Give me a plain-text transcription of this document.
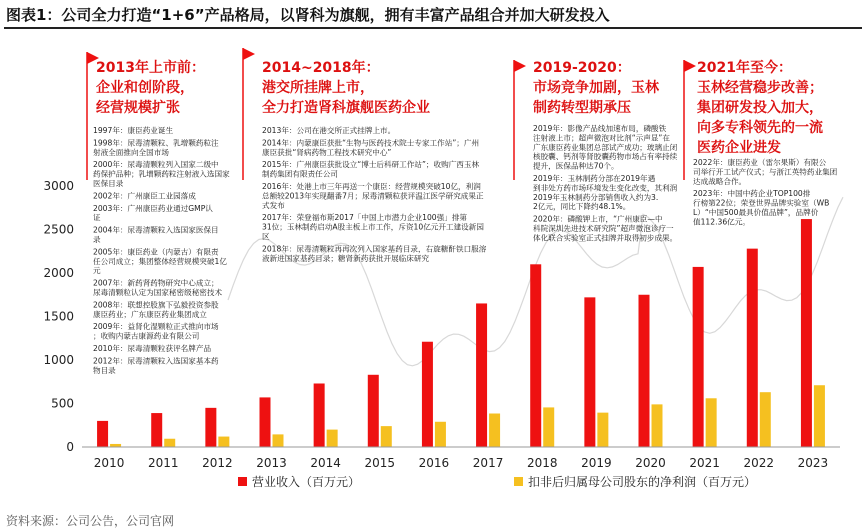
图表1：公司全力打造“1+6”产品格局，以肾科为旗舰，拥有丰富产品组合并加大研发投入
0
500
1000
1500
2000
2500
3000
2010 2011 2012 2013 2014 2015 2016 2017 2018 2019 2020 2021 2022 2023
营业收入（百万元）	扣非后归属母公司股东的净利润（百万元）
2013年上市前：
企业和创阶段，
经营规模扩张
1997年：康臣药业诞生
1998年：尿毒清颗粒、乳增颗药粒注
射液全面推向全国市场
2000年：尿毒清颗粒列入国家二级中
药保护品种；乳增颗药粒注射液入选国家
医保目录
2002年：广州康臣工业园落成
2003年：广州康臣药业通过GMP认
证
2004年：尿毒清颗粒入选国家医保目
录
2005年：康臣药业（内蒙古）有限责
任公司成立；集团整体经营规模突破1亿
元
2007年：新药肾药物研究中心成立；
尿毒清颗粒认定为国家秘密级秘密技术
2008年：联想控股旗下弘毅投资参股
康臣药业；广东康臣药业集团成立
2009年：益肾化湿颗粒正式推向市场
；收购内蒙古康源药业有限公司
2010年：尿毒清颗粒获评名牌产品
2012年：尿毒清颗粒入选国家基本药
物目录
2014~2018年：
港交所挂牌上市，
全力打造肾科旗舰医药企业
2013年：公司在港交所正式挂牌上市。
2014年：内蒙康臣获批“生物与医药技术院士专家工作站”；广州
康臣获批“肾病药物工程技术研究中心”
2015年：广州康臣获批设立“博士后科研工作站”；收购广西玉林
制药集团有限责任公司
2016年：处港上市三年再送一个康臣：经营规模突破10亿，利润
总额较2013年实现翻番7月；尿毒清颗粒获评温江医学研究成果正
式发布
2017年：荣登福布斯2017「中国上市潜力企业100强」排第
31位；玉林制药启动A股主板上市工作，斥资10亿元开工建设新园
区
2018年：尿毒清颗粒再再次列入国家基药目录，右旋糖酐铁口服溶
液新进国家基药目录；糖肾新药获批开展临床研究
2019-2020：
市场竞争加剧，玉林
制药转型期承压
2019年：影像产品线加速布局，磷酸铁
注射液上市；超声微泡对比剂“示声显”在
广东康臣药业集团总部试产成功；玻璃止闭
核胶囊、钙剂等肾胶囊药物市场占有率持续
提升，医保品种达70个。
2019年：玉林制药分部在2019年遇
到非处方药市场环境发生变化改变，其利润
2019年玉林制药分部销售收入约为3.
2亿元，同比下降约48.1%。
2020年：磷酸钾上市，“广州康臣—中
科院深圳先进技术研究院”超声微泡诊疗一
体化联合实验室正式挂牌并取得初步成果。
2021年至今：
玉林经营稳步改善；
集团研发投入加大，
向多专科领先的一流
医药企业进发
2022年：康臣药业（雷尔果斯）有限公
司举行开工试产仪式；与浙江英特药业集团
达成战略合作。
2023年：中国中药企业TOP100排
行榜第22位；荣登世界品牌实验室（WB
L）“中国500最具价值品牌”，品牌价
值112.36亿元。
资料来源：公司公告，公司官网
